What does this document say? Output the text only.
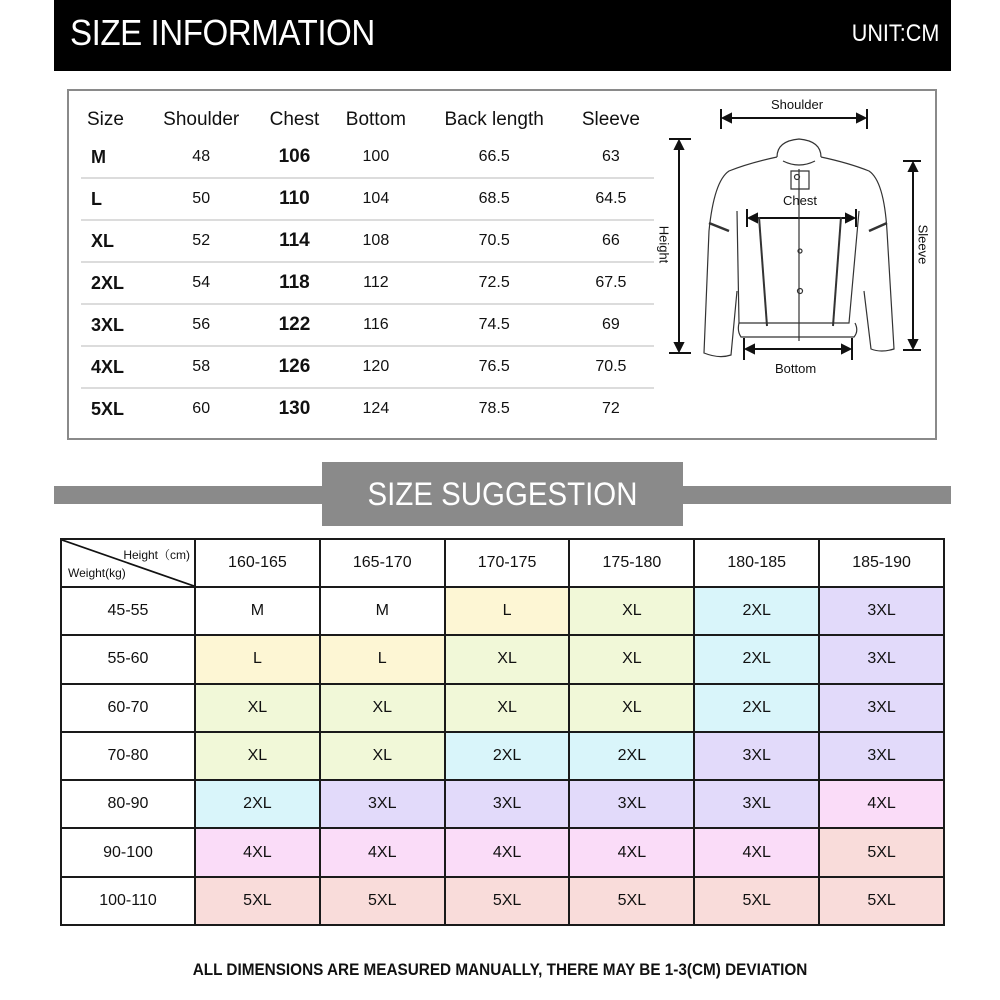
SIZE INFORMATION	UNIT:CM
Size	Shoulder	Chest	Bottom	Back length	Sleeve
M	48	106	100	66.5	63
L	50	110	104	68.5	64.5
XL	52	114	108	70.5	66
2XL	54	118	112	72.5	67.5
3XL	56	122	116	74.5	69
4XL	58	126	120	76.5	70.5
5XL	60	130	124	78.5	72
Shoulder
Chest
Height	Sleeve
Bottom
SIZE SUGGESTION
Height（cm)
Weight(kg)	160-165	165-170	170-175	175-180	180-185	185-190
45-55	M	M	L	XL	2XL	3XL
55-60	L	L	XL	XL	2XL	3XL
60-70	XL	XL	XL	XL	2XL	3XL
70-80	XL	XL	2XL	2XL	3XL	3XL
80-90	2XL	3XL	3XL	3XL	3XL	4XL
90-100	4XL	4XL	4XL	4XL	4XL	5XL
100-110	5XL	5XL	5XL	5XL	5XL	5XL
ALL DIMENSIONS ARE MEASURED MANUALLY, THERE MAY BE 1-3(CM) DEVIATION
